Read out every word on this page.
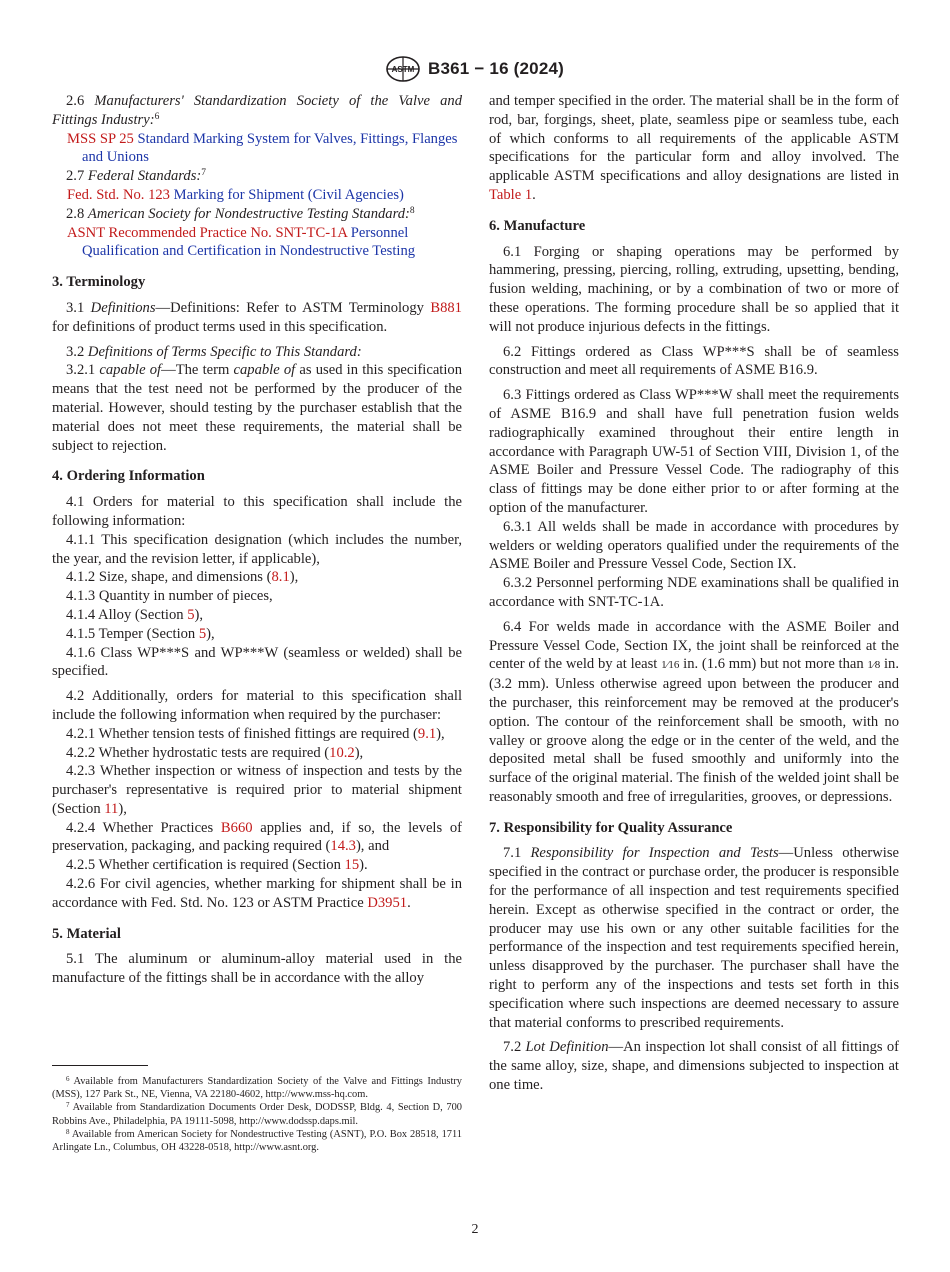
ASTM B361 − 16 (2024)

2.6 Manufacturers' Standardization Society of the Valve and Fittings Industry:$^6$

MSS SP 25 Standard Marking System for Valves, Fittings, Flanges and Unions

2.7 Federal Standards:$^7$

Fed. Std. No. 123 Marking for Shipment (Civil Agencies)

2.8 American Society for Nondestructive Testing Standard:$^8$

ASNT Recommended Practice No. SNT-TC-1A Personnel Qualification and Certification in Nondestructive Testing

3. Terminology

3.1 Definitions—Definitions: Refer to ASTM Terminology B881 for definitions of product terms used in this specification.

3.2 Definitions of Terms Specific to This Standard:

3.2.1 capable of—The term capable of as used in this specification means that the test need not be performed by the producer of the material. However, should testing by the purchaser establish that the material does not meet these requirements, the material shall be subject to rejection.

4. Ordering Information

4.1 Orders for material to this specification shall include the following information:

4.1.1 This specification designation (which includes the number, the year, and the revision letter, if applicable),

4.1.2 Size, shape, and dimensions (8.1),

4.1.3 Quantity in number of pieces,

4.1.4 Alloy (Section 5),

4.1.5 Temper (Section 5),

4.1.6 Class WP***S and WP***W (seamless or welded) shall be specified.

4.2 Additionally, orders for material to this specification shall include the following information when required by the purchaser:

4.2.1 Whether tension tests of finished fittings are required (9.1),

4.2.2 Whether hydrostatic tests are required (10.2),

4.2.3 Whether inspection or witness of inspection and tests by the purchaser's representative is required prior to material shipment (Section 11),

4.2.4 Whether Practices B660 applies and, if so, the levels of preservation, packaging, and packing required (14.3), and

4.2.5 Whether certification is required (Section 15).

4.2.6 For civil agencies, whether marking for shipment shall be in accordance with Fed. Std. No. 123 or ASTM Practice D3951.

5. Material

5.1 The aluminum or aluminum-alloy material used in the manufacture of the fittings shall be in accordance with the alloy

$^6$ Available from Manufacturers Standardization Society of the Valve and Fittings Industry (MSS), 127 Park St., NE, Vienna, VA 22180-4602, http://www.mss-hq.com.

$^7$ Available from Standardization Documents Order Desk, DODSSP, Bldg. 4, Section D, 700 Robbins Ave., Philadelphia, PA 19111-5098, http://www.dodssp.daps.mil.

$^8$ Available from American Society for Nondestructive Testing (ASNT), P.O. Box 28518, 1711 Arlingate Ln., Columbus, OH 43228-0518, http://www.asnt.org.

and temper specified in the order. The material shall be in the form of rod, bar, forgings, sheet, plate, seamless pipe or seamless tube, each of which conforms to all requirements of the applicable ASTM specifications for the particular form and alloy involved. The applicable ASTM specifications and alloy designations are listed in Table 1.

6. Manufacture

6.1 Forging or shaping operations may be performed by hammering, pressing, piercing, rolling, extruding, upsetting, bending, fusion welding, machining, or by a combination of two or more of these operations. The forming procedure shall be so applied that it will not produce injurious defects in the fittings.

6.2 Fittings ordered as Class WP***S shall be of seamless construction and meet all requirements of ASME B16.9.

6.3 Fittings ordered as Class WP***W shall meet the requirements of ASME B16.9 and shall have full penetration fusion welds radiographically examined throughout their entire length in accordance with Paragraph UW-51 of Section VIII, Division 1, of the ASME Boiler and Pressure Vessel Code. The radiography of this class of fittings may be done either prior to or after forming at the option of the manufacturer.

6.3.1 All welds shall be made in accordance with procedures by welders or welding operators qualified under the requirements of the ASME Boiler and Pressure Vessel Code, Section IX.

6.3.2 Personnel performing NDE examinations shall be qualified in accordance with SNT-TC-1A.

6.4 For welds made in accordance with the ASME Boiler and Pressure Vessel Code, Section IX, the joint shall be reinforced at the center of the weld by at least 1⁄16 in. (1.6 mm) but not more than 1⁄8 in. (3.2 mm). Unless otherwise agreed upon between the producer and the purchaser, this reinforcement may be removed at the producer's option. The contour of the reinforcement shall be smooth, with no valley or groove along the edge or in the center of the weld, and the deposited metal shall be fused smoothly and uniformly into the surface of the original material. The finish of the welded joint shall be reasonably smooth and free of irregularities, grooves, or depressions.

7. Responsibility for Quality Assurance

7.1 Responsibility for Inspection and Tests—Unless otherwise specified in the contract or purchase order, the producer is responsible for the performance of all inspection and test requirements specified herein. Except as otherwise specified in the contract or order, the producer may use his own or any other suitable facilities for the performance of the inspection and test requirements specified herein, unless disapproved by the purchaser. The purchaser shall have the right to perform any of the inspections and tests set forth in this specification where such inspections are deemed necessary to assure that material conforms to prescribed requirements.

7.2 Lot Definition—An inspection lot shall consist of all fittings of the same alloy, size, shape, and dimensions subjected to inspection at one time.

2
